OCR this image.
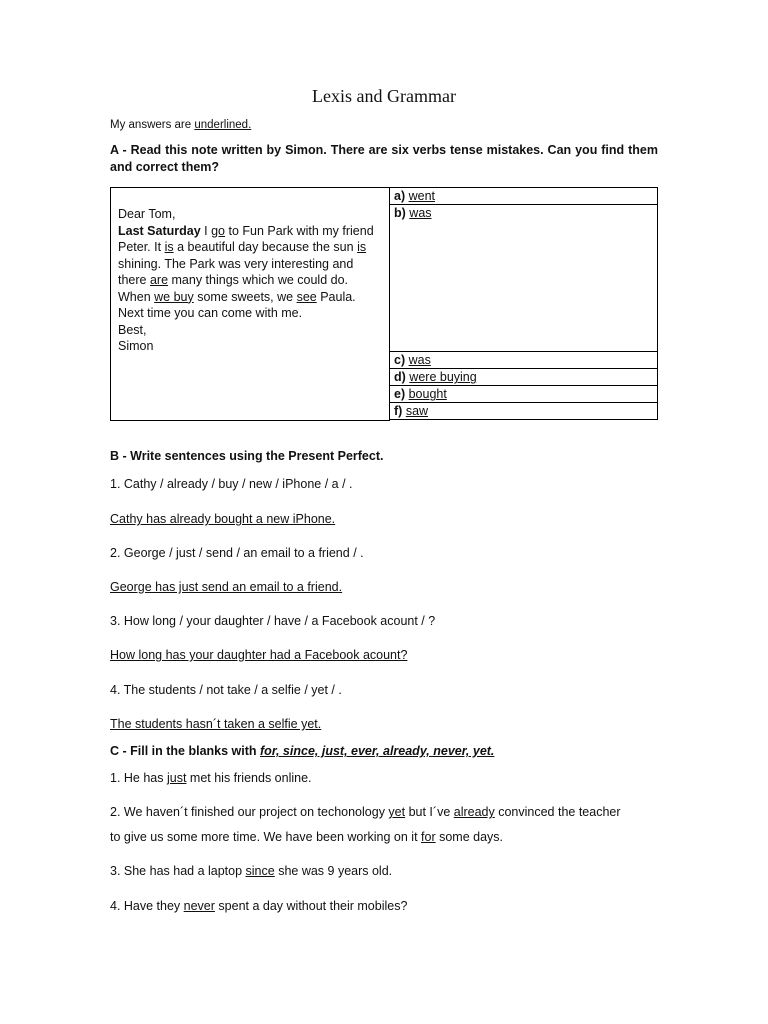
Lexis and Grammar
My answers are underlined.
A - Read this note written by Simon. There are six verbs tense mistakes. Can you find them and correct them?
Dear Tom,
Last Saturday I go to Fun Park with my friend
Peter. It is a beautiful day because the sun is
shining. The Park was very interesting and
there are many things which we could do.
When we buy some sweets, we see Paula.
Next time you can come with me.
Best,
Simon
	a) went
b) was
c) was
d) were buying
e) bought
f) saw

B - Write sentences using the Present Perfect.
1. Cathy / already / buy / new / iPhone / a / .
Cathy has already bought a new iPhone.
2. George / just / send / an email to a friend / .
George has just send an email to a friend.
3. How long / your daughter / have / a Facebook acount / ?
How long has your daughter had a Facebook acount?
4. The students / not take / a selfie / yet / .
The students hasn´t taken a selfie yet.
C - Fill in the blanks with for, since, just, ever, already, never, yet.
1. He has just met his friends online.
2. We haven´t finished our project on techonology yet but I´ve already convinced the teacher
to give us some more time. We have been working on it for some days.
3. She has had a laptop since she was 9 years old.
4. Have they never spent a day without their mobiles?
